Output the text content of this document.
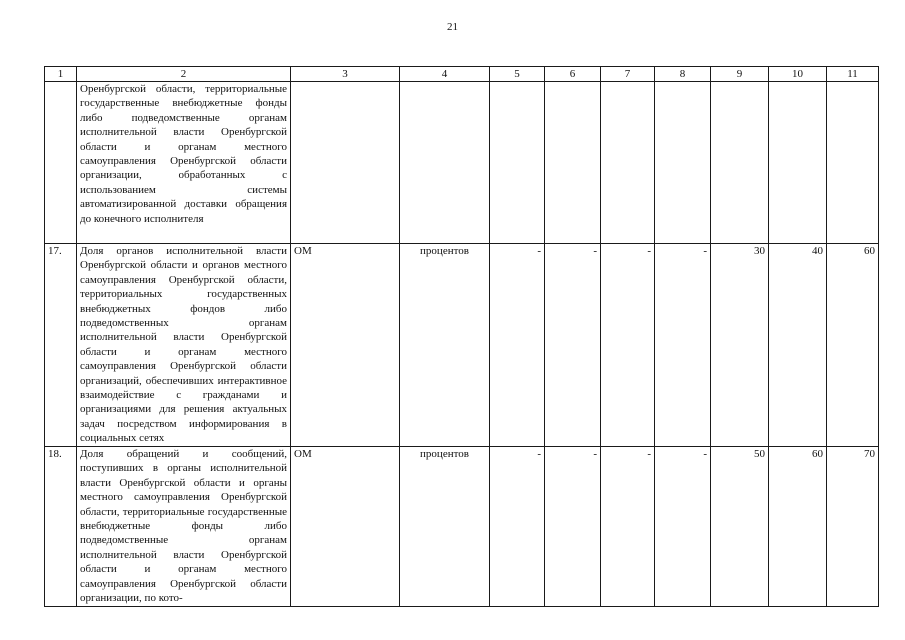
21
1	2	3	4	5	6	7	8	9	10	11
	Оренбургской области, территориальные государственные внебюджетные фонды либо подведомственные органам исполнительной власти Оренбургской области и органам местного самоуправления Оренбургской области организации, обработанных с использованием системы автоматизированной доставки обращения до конечного исполнителя									
17.	Доля органов исполнительной власти Оренбургской области и органов местного самоуправления Оренбургской области, территориальных государственных внебюджетных фондов либо подведомственных органам исполнительной власти Оренбургской области и органам местного самоуправления Оренбургской области организаций, обеспечивших интерактивное взаимодействие с гражданами и организациями для решения актуальных задач посредством информирования в социальных сетях	ОМ	процентов	-	-	-	-	30	40	60
18.	Доля обращений и сообщений, поступивших в органы исполнительной власти Оренбургской области и органы местного самоуправления Оренбургской области, территориальные государственные внебюджетные фонды либо подведомственные органам исполнительной власти Оренбургской области и органам местного самоуправления Оренбургской области организации, по кото-	ОМ	процентов	-	-	-	-	50	60	70
